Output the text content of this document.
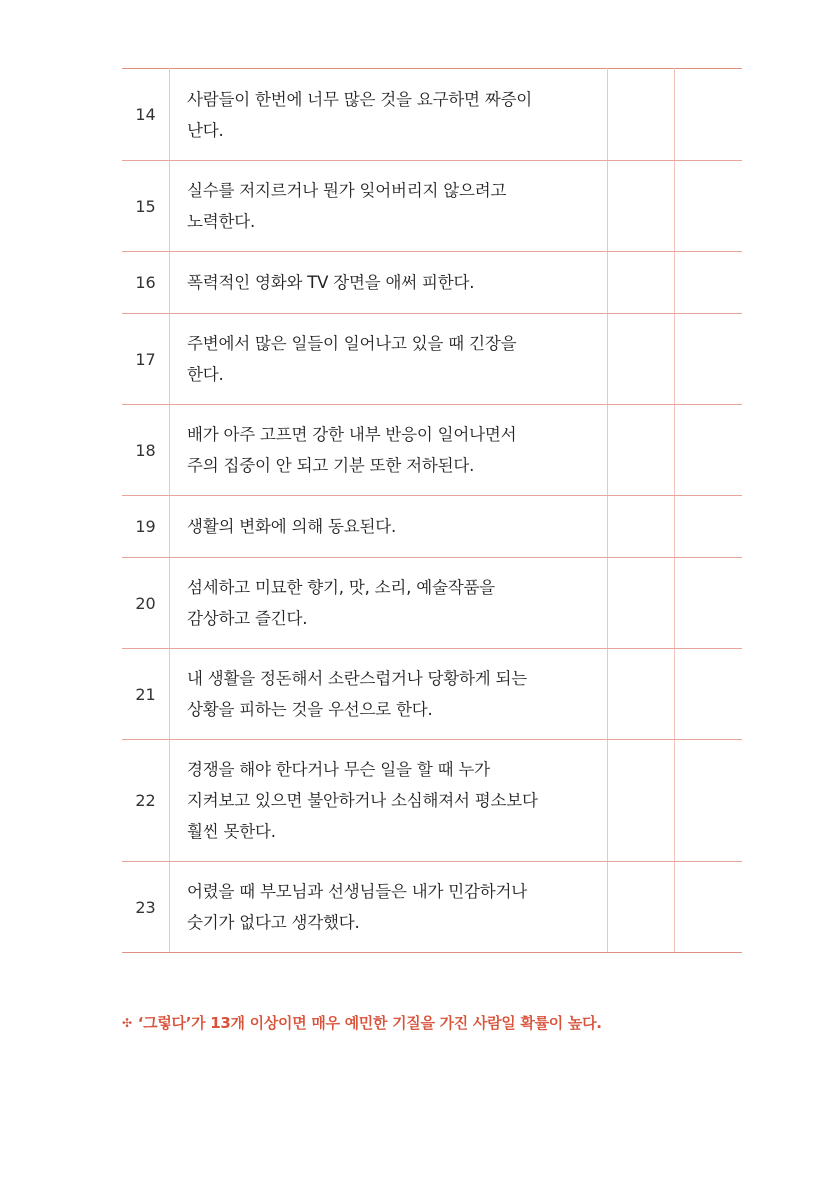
14	사람들이 한번에 너무 많은 것을 요구하면 짜증이
난다.		

15	실수를 저지르거나 뭔가 잊어버리지 않으려고
노력한다.		

16	폭력적인 영화와 TV 장면을 애써 피한다.		

17	주변에서 많은 일들이 일어나고 있을 때 긴장을
한다.		

18	배가 아주 고프면 강한 내부 반응이 일어나면서
주의 집중이 안 되고 기분 또한 저하된다.		

19	생활의 변화에 의해 동요된다.		

20	섬세하고 미묘한 향기, 맛, 소리, 예술작품을
감상하고 즐긴다.		

21	내 생활을 정돈해서 소란스럽거나 당황하게 되는
상황을 피하는 것을 우선으로 한다.		

22	경쟁을 해야 한다거나 무슨 일을 할 때 누가
지켜보고 있으면 불안하거나 소심해져서 평소보다
훨씬 못한다.		

23	어렸을 때 부모님과 선생님들은 내가 민감하거나
숫기가 없다고 생각했다.		

✣ ‘그렇다’가 13개 이상이면 매우 예민한 기질을 가진 사람일 확률이 높다.
